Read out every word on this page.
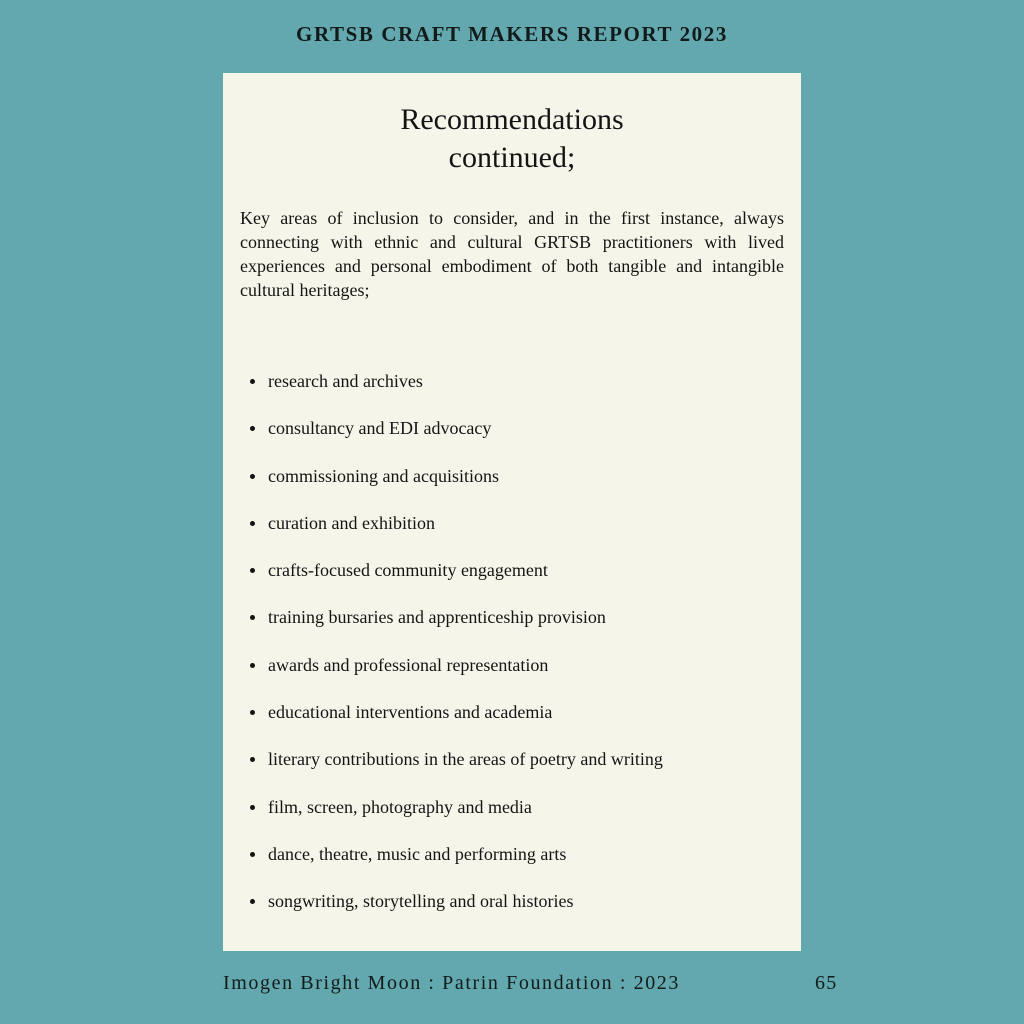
GRTSB CRAFT MAKERS REPORT 2023
Recommendations
continued;

Key areas of inclusion to consider, and in the first instance, always connecting with ethnic and cultural GRTSB practitioners with lived experiences and personal embodiment of both tangible and intangible cultural heritages;

research and archives
consultancy and EDI advocacy
commissioning and acquisitions
curation and exhibition
crafts-focused community engagement
training bursaries and apprenticeship provision
awards and professional representation
educational interventions and academia
literary contributions in the areas of poetry and writing
film, screen, photography and media
dance, theatre, music and performing arts
songwriting, storytelling and oral histories
Imogen Bright Moon : Patrin Foundation : 2023	65
